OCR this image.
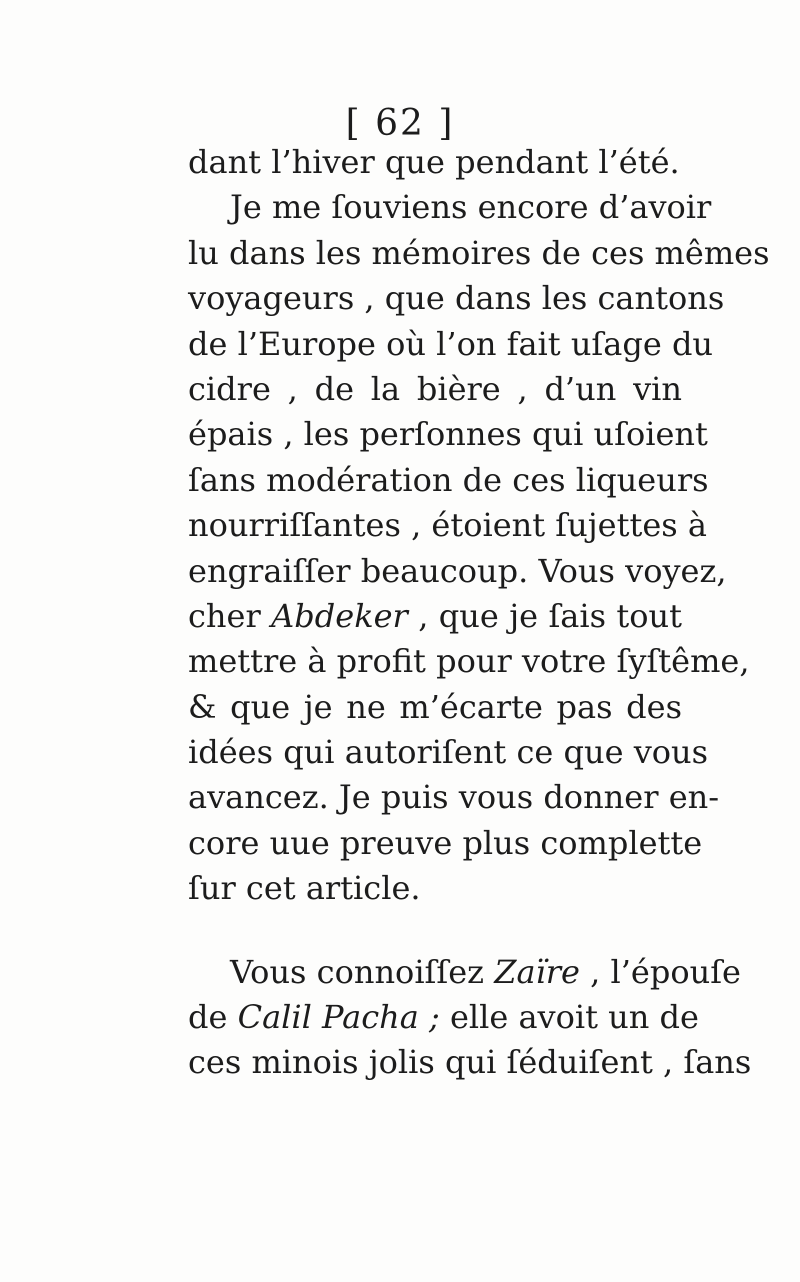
[ 62 ]
dant l’hiver que pendant l’été.
Je me ſouviens encore d’avoir
lu dans les mémoires de ces mêmes
voyageurs , que dans les cantons
de l’Europe où l’on fait uſage du
cidre , de la bière , d’un vin
épais , les perſonnes qui uſoient
ſans modération de ces liqueurs
nourriſſantes , étoient ſujettes à
engraiſſer beaucoup. Vous voyez,
cher Abdeker , que je ſais tout
mettre à profit pour votre ſyſtême,
& que je ne m’écarte pas des
idées qui autoriſent ce que vous
avancez. Je puis vous donner en-
core uue preuve plus complette
ſur cet article.
Vous connoiſſez Zaïre , l’épouſe
de Calil Pacha ; elle avoit un de
ces minois jolis qui ſéduiſent , ſans
